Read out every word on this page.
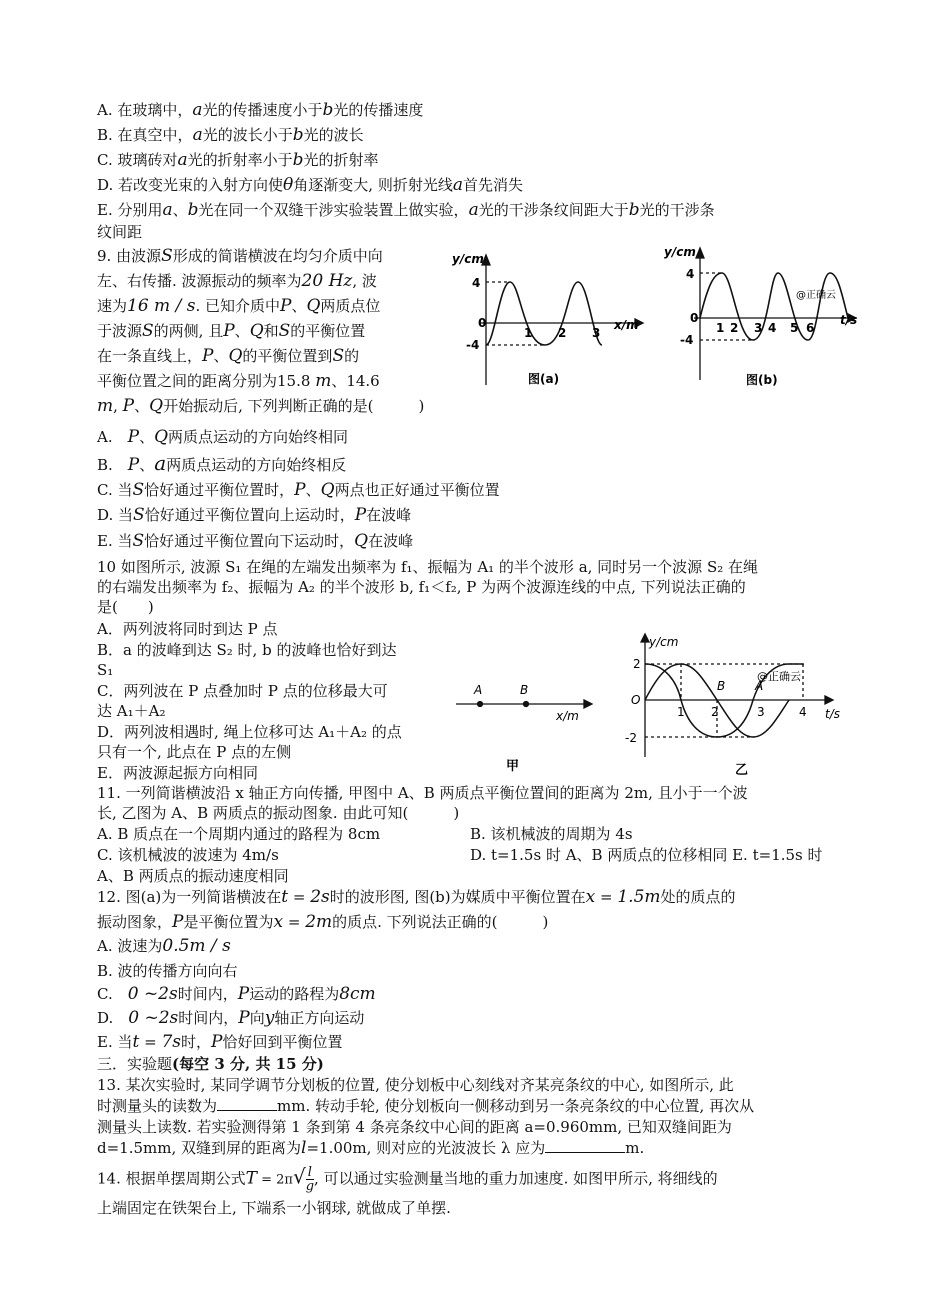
A. 在玻璃中，a光的传播速度小于b光的传播速度
B. 在真空中，a光的波长小于b光的波长
C. 玻璃砖对a光的折射率小于b光的折射率
D. 若改变光束的入射方向使θ角逐渐变大, 则折射光线a首先消失
E. 分别用a、b光在同一个双缝干涉实验装置上做实验，a光的干涉条纹间距大于b光的干涉条
纹间距
9. 由波源S形成的简谐横波在均匀介质中向
左、右传播. 波源振动的频率为20 Hz, 波
速为16 m / s. 已知介质中P、Q两质点位
于波源S的两侧, 且P、Q和S的平衡位置
在一条直线上，P、Q的平衡位置到S的
平衡位置之间的距离分别为15.8 m、14.6
m, P、Q开始振动后, 下列判断正确的是(　　　)
y/cm
4
-4
0
1 2 3
x/m
图(a)
y/cm
4
-4
0
1 2 3 4 5 6
t/s
@正确云
图(b)
A.　P、Q两质点运动的方向始终相同
B.　P、a两质点运动的方向始终相反
C. 当S恰好通过平衡位置时，P、Q两点也正好通过平衡位置
D. 当S恰好通过平衡位置向上运动时，P在波峰
E. 当S恰好通过平衡位置向下运动时，Q在波峰
10 如图所示, 波源 S₁ 在绳的左端发出频率为 f₁、振幅为 A₁ 的半个波形 a, 同时另一个波源 S₂ 在绳
的右端发出频率为 f₂、振幅为 A₂ 的半个波形 b, f₁＜f₂, P 为两个波源连线的中点, 下列说法正确的
是(　　)
A．两列波将同时到达 P 点
B．a 的波峰到达 S₂ 时, b 的波峰也恰好到达
S₁
C．两列波在 P 点叠加时 P 点的位移最大可
达 A₁＋A₂
D．两列波相遇时, 绳上位移可达 A₁＋A₂ 的点
只有一个, 此点在 P 点的左侧
E．两波源起振方向相同
A	B
x/m
甲
y/cm
2
-2
O
1 2	3	4 t/s
B A
@正确云
乙
11. 一列简谐横波沿 x 轴正方向传播, 甲图中 A、B 两质点平衡位置间的距离为 2m, 且小于一个波
长, 乙图为 A、B 两质点的振动图象. 由此可知(　　　)
A. B 质点在一个周期内通过的路程为 8cm	B. 该机械波的周期为 4s
C. 该机械波的波速为 4m/s	D. t=1.5s 时 A、B 两质点的位移相同 E. t=1.5s 时
A、B 两质点的振动速度相同
12. 图(a)为一列简谐横波在t = 2s时的波形图, 图(b)为媒质中平衡位置在x = 1.5m处的质点的
振动图象，P是平衡位置为x = 2m的质点. 下列说法正确的(　　　)
A. 波速为0.5m / s
B. 波的传播方向向右
C.　0 ~2s时间内，P运动的路程为8cm
D.　0 ~2s时间内，P向y轴正方向运动
E. 当t = 7s时，P恰好回到平衡位置
三．实验题(每空 3 分, 共 15 分)
13. 某次实验时, 某同学调节分划板的位置, 使分划板中心刻线对齐某亮条纹的中心, 如图所示, 此
时测量头的读数为	mm. 转动手轮, 使分划板向一侧移动到另一条亮条纹的中心位置, 再次从
测量头上读数. 若实验测得第 1 条到第 4 条亮条纹中心间的距离 a=0.960mm, 已知双缝间距为
d=1.5mm, 双缝到屏的距离为l=1.00m, 则对应的光波波长 λ 应为	m.
14. 根据单摆周期公式$T = 2\pi√ \frac{l}{g}$ , 可以通过实验测量当地的重力加速度. 如图甲所示, 将细线的
上端固定在铁架台上, 下端系一小钢球, 就做成了单摆.
